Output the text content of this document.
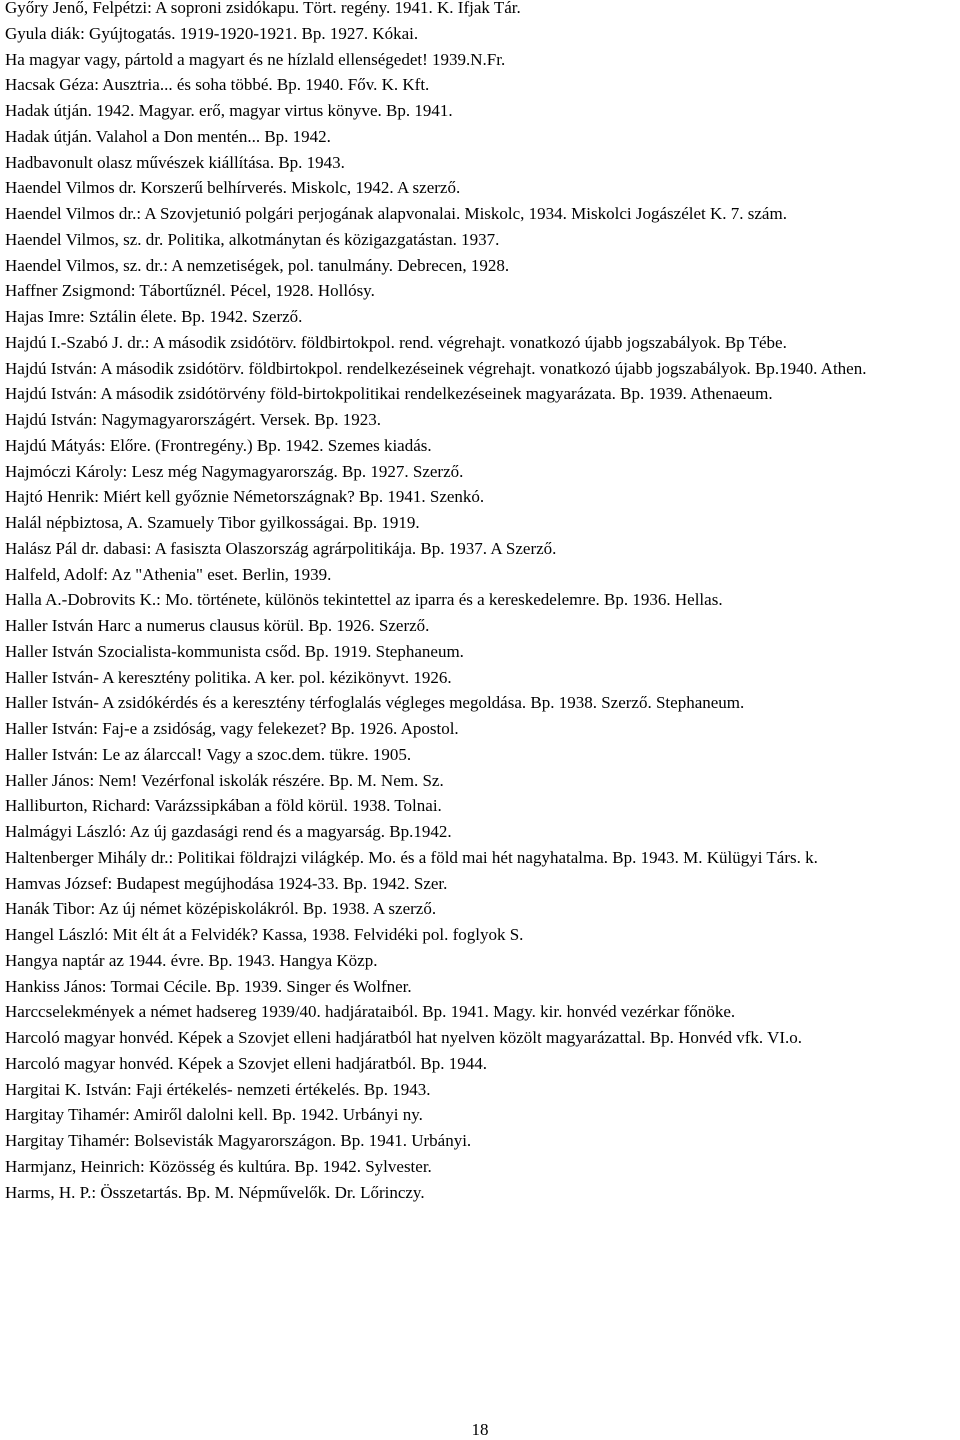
Győry Jenő, Felpétzi: A soproni zsidókapu. Tört. regény. 1941. K. Ifjak Tár.
Gyula diák: Gyújtogatás. 1919-1920-1921. Bp. 1927. Kókai.
Ha magyar vagy, pártold a magyart és ne hízlald ellenségedet! 1939.N.Fr.
Hacsak Géza: Ausztria... és soha többé. Bp. 1940. Főv. K. Kft.
Hadak útján. 1942. Magyar. erő, magyar virtus könyve. Bp. 1941.
Hadak útján. Valahol a Don mentén... Bp. 1942.
Hadbavonult olasz művészek kiállítása. Bp. 1943.
Haendel Vilmos dr. Korszerű belhírverés. Miskolc, 1942. A szerző.
Haendel Vilmos dr.: A Szovjetunió polgári perjogának alapvonalai. Miskolc, 1934. Miskolci Jogászélet K. 7. szám.
Haendel Vilmos, sz. dr. Politika, alkotmánytan és közigazgatástan. 1937.
Haendel Vilmos, sz. dr.: A nemzetiségek, pol. tanulmány. Debrecen, 1928.
Haffner Zsigmond: Tábortűznél. Pécel, 1928. Hollósy.
Hajas Imre: Sztálin élete. Bp. 1942. Szerző.
Hajdú I.-Szabó J. dr.: A második zsidótörv. földbirtokpol. rend. végrehajt. vonatkozó újabb jogszabályok. Bp Tébe.
Hajdú István: A második zsidótörv. földbirtokpol. rendelkezéseinek végrehajt. vonatkozó újabb jogszabályok. Bp.1940. Athen.
Hajdú István: A második zsidótörvény föld-birtokpolitikai rendelkezéseinek magyarázata. Bp. 1939. Athenaeum.
Hajdú István: Nagymagyarországért. Versek. Bp. 1923.
Hajdú Mátyás: Előre. (Frontregény.) Bp. 1942. Szemes kiadás.
Hajmóczi Károly: Lesz még Nagymagyarország. Bp. 1927. Szerző.
Hajtó Henrik: Miért kell győznie Németországnak? Bp. 1941. Szenkó.
Halál népbiztosa, A. Szamuely Tibor gyilkosságai. Bp. 1919.
Halász Pál dr. dabasi: A fasiszta Olaszország agrárpolitikája. Bp. 1937. A Szerző.
Halfeld, Adolf: Az "Athenia" eset. Berlin, 1939.
Halla A.-Dobrovits K.: Mo. története, különös tekintettel az iparra és a kereskedelemre. Bp. 1936. Hellas.
Haller István Harc a numerus clausus körül. Bp. 1926. Szerző.
Haller István Szocialista-kommunista csőd. Bp. 1919. Stephaneum.
Haller István- A keresztény politika. A ker. pol. kézikönyvt. 1926.
Haller István- A zsidókérdés és a keresztény térfoglalás végleges megoldása. Bp. 1938. Szerző. Stephaneum.
Haller István: Faj-e a zsidóság, vagy felekezet? Bp. 1926. Apostol.
Haller István: Le az álarccal! Vagy a szoc.dem. tükre. 1905.
Haller János: Nem! Vezérfonal iskolák részére. Bp. M. Nem. Sz.
Halliburton, Richard: Varázssipkában a föld körül. 1938. Tolnai.
Halmágyi László: Az új gazdasági rend és a magyarság. Bp.1942.
Haltenberger Mihály dr.: Politikai földrajzi világkép. Mo. és a föld mai hét nagyhatalma. Bp. 1943. M. Külügyi Társ. k.
Hamvas József: Budapest megújhodása 1924-33. Bp. 1942. Szer.
Hanák Tibor: Az új német középiskolákról. Bp. 1938. A szerző.
Hangel László: Mit élt át a Felvidék? Kassa, 1938. Felvidéki pol. foglyok S.
Hangya naptár az 1944. évre. Bp. 1943. Hangya Közp.
Hankiss János: Tormai Cécile. Bp. 1939. Singer és Wolfner.
Harccselekmények a német hadsereg 1939/40. hadjárataiból. Bp. 1941. Magy. kir. honvéd vezérkar főnöke.
Harcoló magyar honvéd. Képek a Szovjet elleni hadjáratból hat nyelven közölt magyarázattal. Bp. Honvéd vfk. VI.o.
Harcoló magyar honvéd. Képek a Szovjet elleni hadjáratból. Bp. 1944.
Hargitai K. István: Faji értékelés- nemzeti értékelés. Bp. 1943.
Hargitay Tihamér: Amiről dalolni kell. Bp. 1942. Urbányi ny.
Hargitay Tihamér: Bolsevisták Magyarországon. Bp. 1941. Urbányi.
Harmjanz, Heinrich: Közösség és kultúra. Bp. 1942. Sylvester.
Harms, H. P.: Összetartás. Bp. M. Népművelők. Dr. Lőrinczy.
18
